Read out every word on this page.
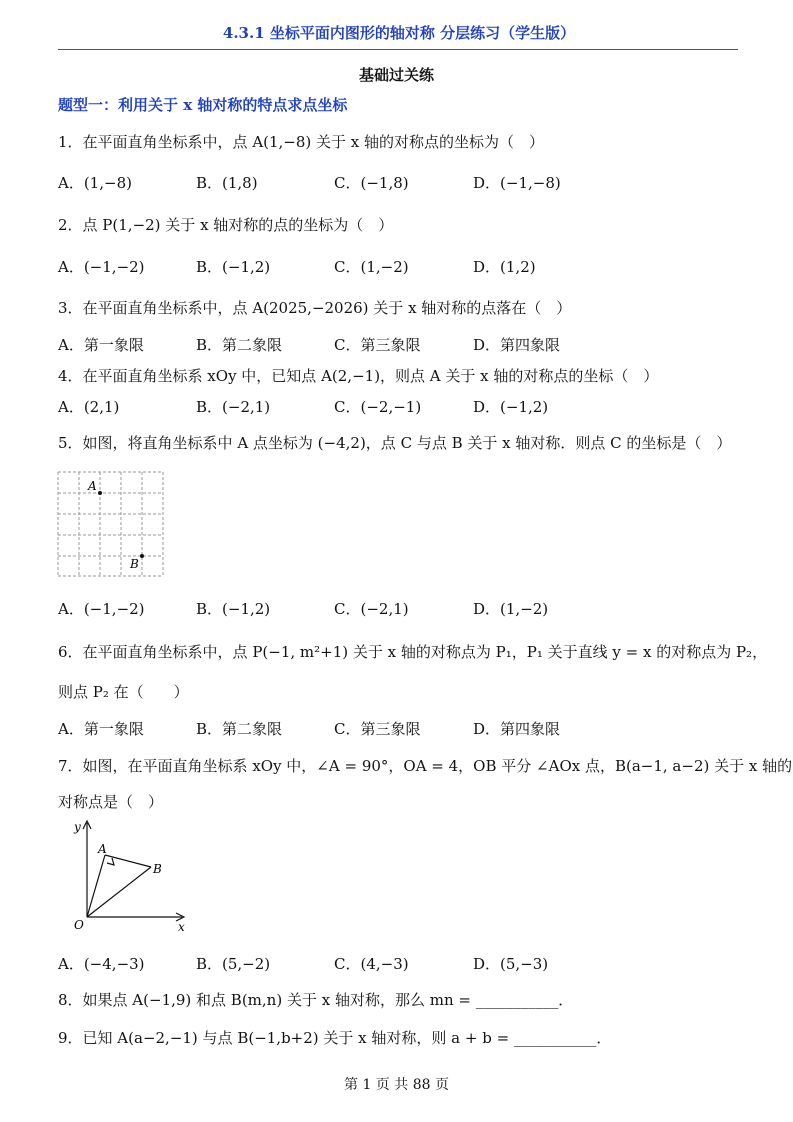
4.3.1 坐标平面内图形的轴对称 分层练习（学生版）
基础过关练
题型一：利用关于 x 轴对称的特点求点坐标
1．在平面直角坐标系中，点 A(1,−8) 关于 x 轴的对称点的坐标为（　）
A．(1,−8)	B．(1,8)	C．(−1,8)	D．(−1,−8)
2．点 P(1,−2) 关于 x 轴对称的点的坐标为（　）
A．(−1,−2)	B．(−1,2)	C．(1,−2)	D．(1,2)
3．在平面直角坐标系中，点 A(2025,−2026) 关于 x 轴对称的点落在（　）
A．第一象限	B．第二象限	C．第三象限	D．第四象限
4．在平面直角坐标系 xOy 中，已知点 A(2,−1)，则点 A 关于 x 轴的对称点的坐标（　）
A．(2,1)	B．(−2,1)	C．(−2,−1)	D．(−1,2)
5．如图，将直角坐标系中 A 点坐标为 (−4,2)，点 C 与点 B 关于 x 轴对称．则点 C 的坐标是（　）
A
B
A．(−1,−2)	B．(−1,2)	C．(−2,1)	D．(1,−2)
6．在平面直角坐标系中，点 P(−1, m²+1) 关于 x 轴的对称点为 P₁，P₁ 关于直线 y = x 的对称点为 P₂，
则点 P₂ 在（　　）
A．第一象限	B．第二象限	C．第三象限	D．第四象限
7．如图，在平面直角坐标系 xOy 中，∠A = 90°，OA = 4，OB 平分 ∠AOx 点，B(a−1, a−2) 关于 x 轴的
对称点是（　）
y
x
O
A
B
A．(−4,−3)	B．(5,−2)	C．(4,−3)	D．(5,−3)
8．如果点 A(−1,9) 和点 B(m,n) 关于 x 轴对称，那么 mn = ___________．
9．已知 A(a−2,−1) 与点 B(−1,b+2) 关于 x 轴对称，则 a + b = ___________．
第 1 页 共 88 页
